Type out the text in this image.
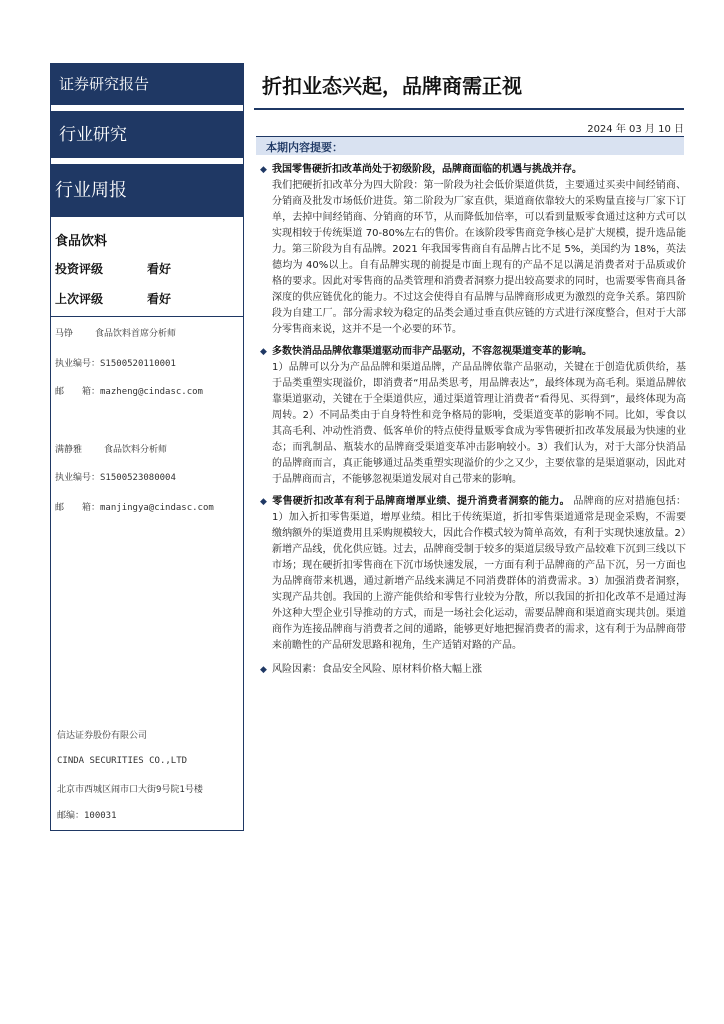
证券研究报告
行业研究
行业周报
食品饮料
投资评级	看好
上次评级	看好
马铮 食品饮料首席分析师
执业编号：S1500520110001
邮　　箱：mazheng@cindasc.com
满静雅 食品饮料分析师
执业编号：S1500523080004
邮　　箱：manjingya@cindasc.com
信达证券股份有限公司
CINDA SECURITIES CO.,LTD
北京市西城区闹市口大街9号院1号楼
邮编：100031
折扣业态兴起，品牌商需正视
2024 年 03 月 10 日
本期内容提要：

◆ 我国零售硬折扣改革尚处于初级阶段，品牌商面临的机遇与挑战并存。
我们把硬折扣改革分为四大阶段：第一阶段为社会低价渠道供货，主要通过买卖中间经销商、分销商及批发市场低价进货。第二阶段为厂家直供，渠道商依靠较大的采购量直接与厂家下订单，去掉中间经销商、分销商的环节，从而降低加倍率，可以看到量贩零食通过这种方式可以实现相较于传统渠道 70-80%左右的售价。在该阶段零售商竞争核心是扩大规模，提升选品能力。第三阶段为自有品牌。2021 年我国零售商自有品牌占比不足 5%，美国约为 18%，英法德均为 40%以上。自有品牌实现的前提是市面上现有的产品不足以满足消费者对于品质或价格的要求。因此对零售商的品类管理和消费者洞察力提出较高要求的同时，也需要零售商具备深度的供应链优化的能力。不过这会使得自有品牌与品牌商形成更为激烈的竞争关系。第四阶段为自建工厂。部分需求较为稳定的品类会通过垂直供应链的方式进行深度整合，但对于大部分零售商来说，这并不是一个必要的环节。

◆ 多数快消品品牌依靠渠道驱动而非产品驱动，不容忽视渠道变革的影响。
1）品牌可以分为产品品牌和渠道品牌，产品品牌依靠产品驱动，关键在于创造优质供给，基于品类重塑实现溢价，即消费者“用品类思考，用品牌表达”，最终体现为高毛利。渠道品牌依靠渠道驱动，关键在于全渠道供应，通过渠道管理让消费者“看得见、买得到”，最终体现为高周转。2）不同品类由于自身特性和竞争格局的影响，受渠道变革的影响不同。比如，零食以其高毛利、冲动性消费、低客单价的特点使得量贩零食成为零售硬折扣改革发展最为快速的业态；而乳制品、瓶装水的品牌商受渠道变革冲击影响较小。3）我们认为，对于大部分快消品的品牌商而言，真正能够通过品类重塑实现溢价的少之又少，主要依靠的是渠道驱动，因此对于品牌商而言，不能够忽视渠道发展对自己带来的影响。

◆ 零售硬折扣改革有利于品牌商增厚业绩、提升消费者洞察的能力。 品牌商的应对措施包括：1）加入折扣零售渠道，增厚业绩。相比于传统渠道，折扣零售渠道通常是现金采购，不需要缴纳额外的渠道费用且采购规模较大，因此合作模式较为简单高效，有利于实现快速放量。2）新增产品线，优化供应链。过去，品牌商受制于较多的渠道层级导致产品较难下沉到三线以下市场；现在硬折扣零售商在下沉市场快速发展，一方面有利于品牌商的产品下沉，另一方面也为品牌商带来机遇，通过新增产品线来满足不同消费群体的消费需求。3）加强消费者洞察，实现产品共创。我国的上游产能供给和零售行业较为分散，所以我国的折扣化改革不是通过海外这种大型企业引导推动的方式，而是一场社会化运动，需要品牌商和渠道商实现共创。渠道商作为连接品牌商与消费者之间的通路，能够更好地把握消费者的需求，这有利于为品牌商带来前瞻性的产品研发思路和视角，生产适销对路的产品。

◆ 风险因素：食品安全风险、原材料价格大幅上涨
